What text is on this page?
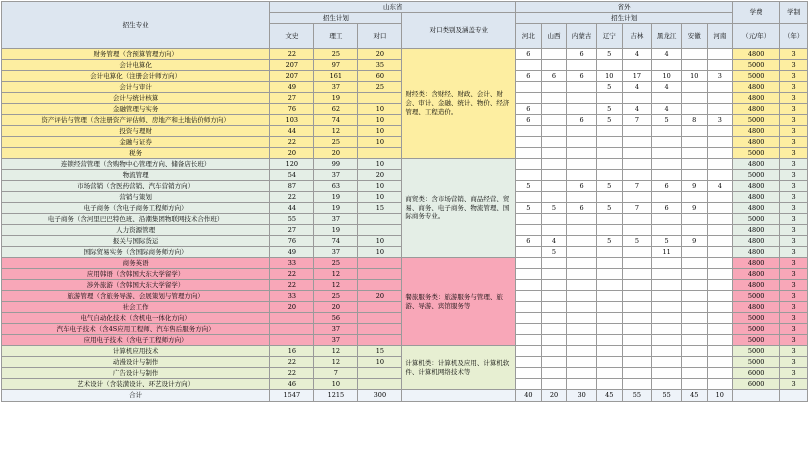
招生专业	山东省				省外								学费	学制
	招生计划			对口类别及涵盖专业	招生计划									
	文史	理工	对口		河北	山西	内蒙古	辽宁	吉林	黑龙江	安徽	河南	（元/年）	（年）
财务管理（含预算管理方向）	22	25	20	财经类：含财经、财政、会计、财会、审计、金融、统计、物价、经济管理、工程造价。	6		6	5	4	4			4800	3
会计电算化	207	97	35										5000	3
会计电算化（注册会计师方向）	207	161	60		6	6	6	10	17	10	10	3	5000	3
会计与审计	49	37	25					5	4	4			4800	3
会计与统计核算	27	19											4800	3
金融管理与实务	76	62	10		6			5	4	4			4800	3
资产评估与管理（含注册资产评估师、房地产和土地估价师方向）	103	74	10		6		6	5	7	5	8	3	5000	3
投资与理财	44	12	10										4800	3
金融与证券	22	25	10										4800	3
税务	20	20											5000	3
连锁经营管理（含购物中心管理方向、储备店长班）	120	99	10	商贸类：含市场营销、商品经营、贸易、商务、电子商务、物流管理、国际商务专业。									4800	3
物流管理	54	37	20										5000	3
市场营销（含医药营销、汽车营销方向）	87	63	10		5		6	5	7	6	9	4	4800	3
营销与策划	22	19	10										4800	3
电子商务（含电子商务工程师方向）	44	19	15		5	5	6	5	7	6	9		4800	3
电子商务（含河里巴巴特色班、沿潮集团物联网技术合作班）	55	37											5000	3
人力资源管理	27	19											4800	3
报关与国际货运	76	74	10		6	4		5	5	5	9		4800	3
国际贸易实务（含国际商务师方向）	49	37	10			5				11			4800	3
商务英语	33	25		餐旅服务类：旅游服务与管理、旅游、导游、宾馆服务等									4800	3
应用韩语（含韩国大东大学留学）	22	12											4800	3
涉外旅游（含韩国大东大学留学）	22	12											4800	3
旅游管理（含旅务导游、会展策划与管理方向）	33	25	20										5000	3
社会工作	20	20											4800	3
电气自动化技术（含机电一体化方向）		56											5000	3
汽车电子技术（含4S应用工程师、汽车售后服务方向）		37											5000	3
应用电子技术（含电子工程师方向）		37											5000	3
计算机应用技术	16	12	15	计算机类：计算机及应用、计算机软件、计算机网络技术等									5000	3
动漫设计与制作	22	12	10										5000	3
广告设计与制作	22	7											6000	3
艺术设计（含装潢设计、环艺设计方向）	46	10											6000	3
合计	1547	1215	300		40	20	30	45	55	55	45	10		
